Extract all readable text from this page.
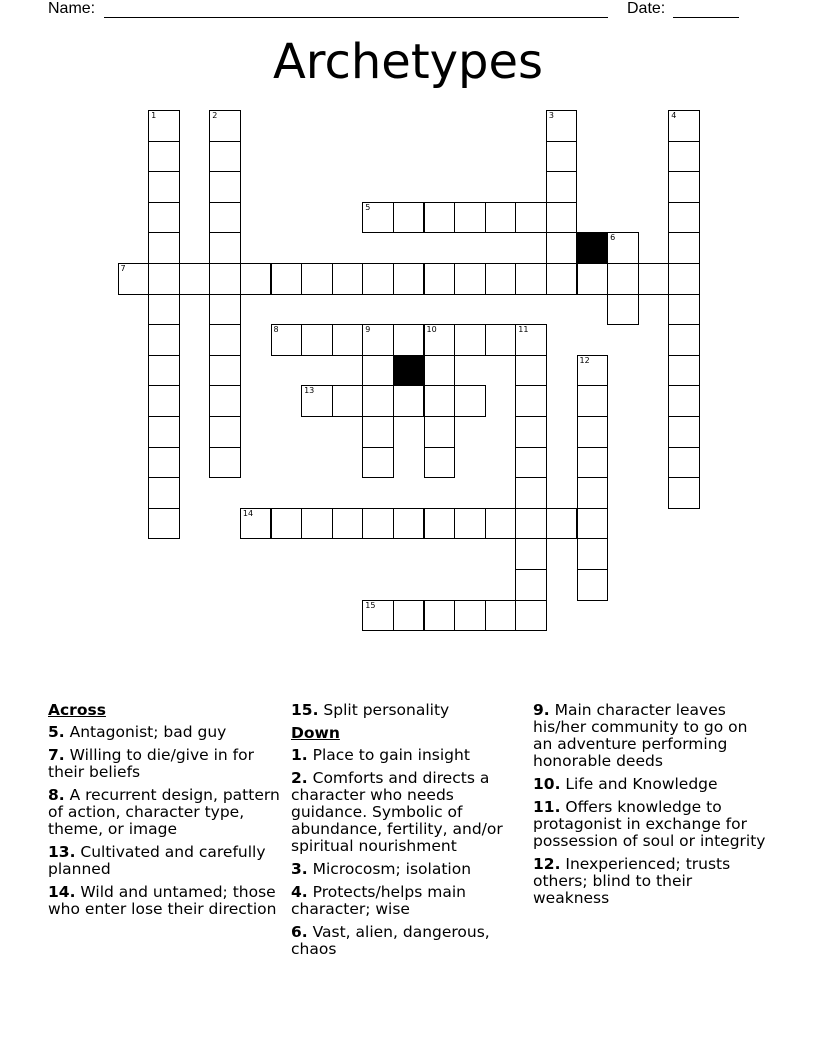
Name:	Date:
Archetypes
1	2	3	4
5
6
7
8	9	10	11
12
13
14
15
Across
5. Antagonist; bad guy
7. Willing to die/give in for their beliefs
8. A recurrent design, pattern of action, character type, theme, or image
13. Cultivated and carefully planned
14. Wild and untamed; those who enter lose their direction
15. Split personality
Down
1. Place to gain insight
2. Comforts and directs a character who needs guidance. Symbolic of abundance, fertility, and/or spiritual nourishment
3. Microcosm; isolation
4. Protects/helps main character; wise
6. Vast, alien, dangerous, chaos
9. Main character leaves his/her community to go on an adventure performing honorable deeds
10. Life and Knowledge
11. Offers knowledge to protagonist in exchange for possession of soul or integrity
12. Inexperienced; trusts others; blind to their weakness
